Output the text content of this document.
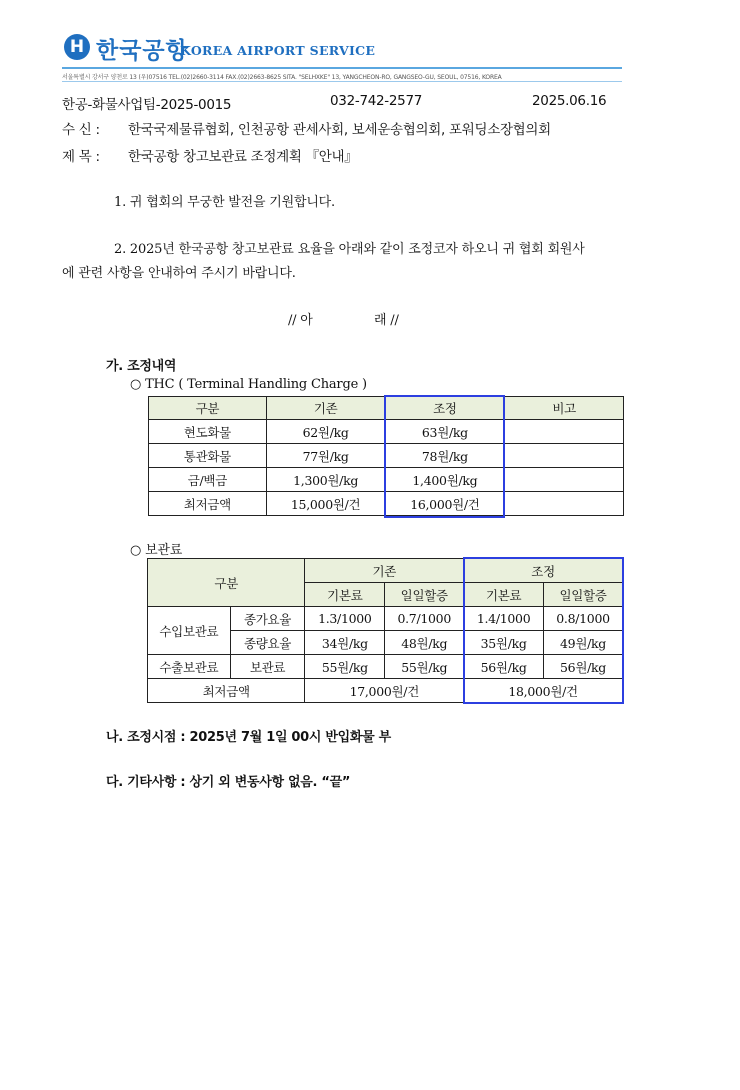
H 한국공항
KOREA AIRPORT SERVICE
서울특별시 강서구 양천로 13 (우)07516 TEL.(02)2660-3114 FAX.(02)2663-8625 SITA. "SELHXKE" 13, YANGCHEON-RO, GANGSEO-GU, SEOUL, 07516, KOREA
한공-화물사업팀-2025-0015	032-742-2577	2025.06.16
수 신 : 한국국제물류협회, 인천공항 관세사회, 보세운송협의회, 포워딩소장협의회
제 목 : 한국공항 창고보관료 조정계획 『안내』
1. 귀 협회의 무궁한 발전을 기원합니다.
2. 2025년 한국공항 창고보관료 요율을 아래와 같이 조정코자 하오니 귀 협회 회원사
에 관련 사항을 안내하여 주시기 바랍니다.
// 아	래 //
가. 조정내역
○ THC ( Terminal Handling Charge )
구분	기존	조정	비고
현도화물	62원/kg	63원/kg	
통관화물	77원/kg	78원/kg	
금/백금	1,300원/kg	1,400원/kg	
최저금액	15,000원/건	16,000원/건	
○ 보관료
구분		기존		조정	
		기본료	일일할증	기본료	일일할증
수입보관료	종가요율	1.3/1000	0.7/1000	1.4/1000	0.8/1000
	종량요율	34원/kg	48원/kg	35원/kg	49원/kg
수출보관료	보관료	55원/kg	55원/kg	56원/kg	56원/kg
최저금액		17,000원/건		18,000원/건	
나. 조정시점 : 2025년 7월 1일 00시 반입화물 부
다. 기타사항 : 상기 외 변동사항 없음. “끝”
